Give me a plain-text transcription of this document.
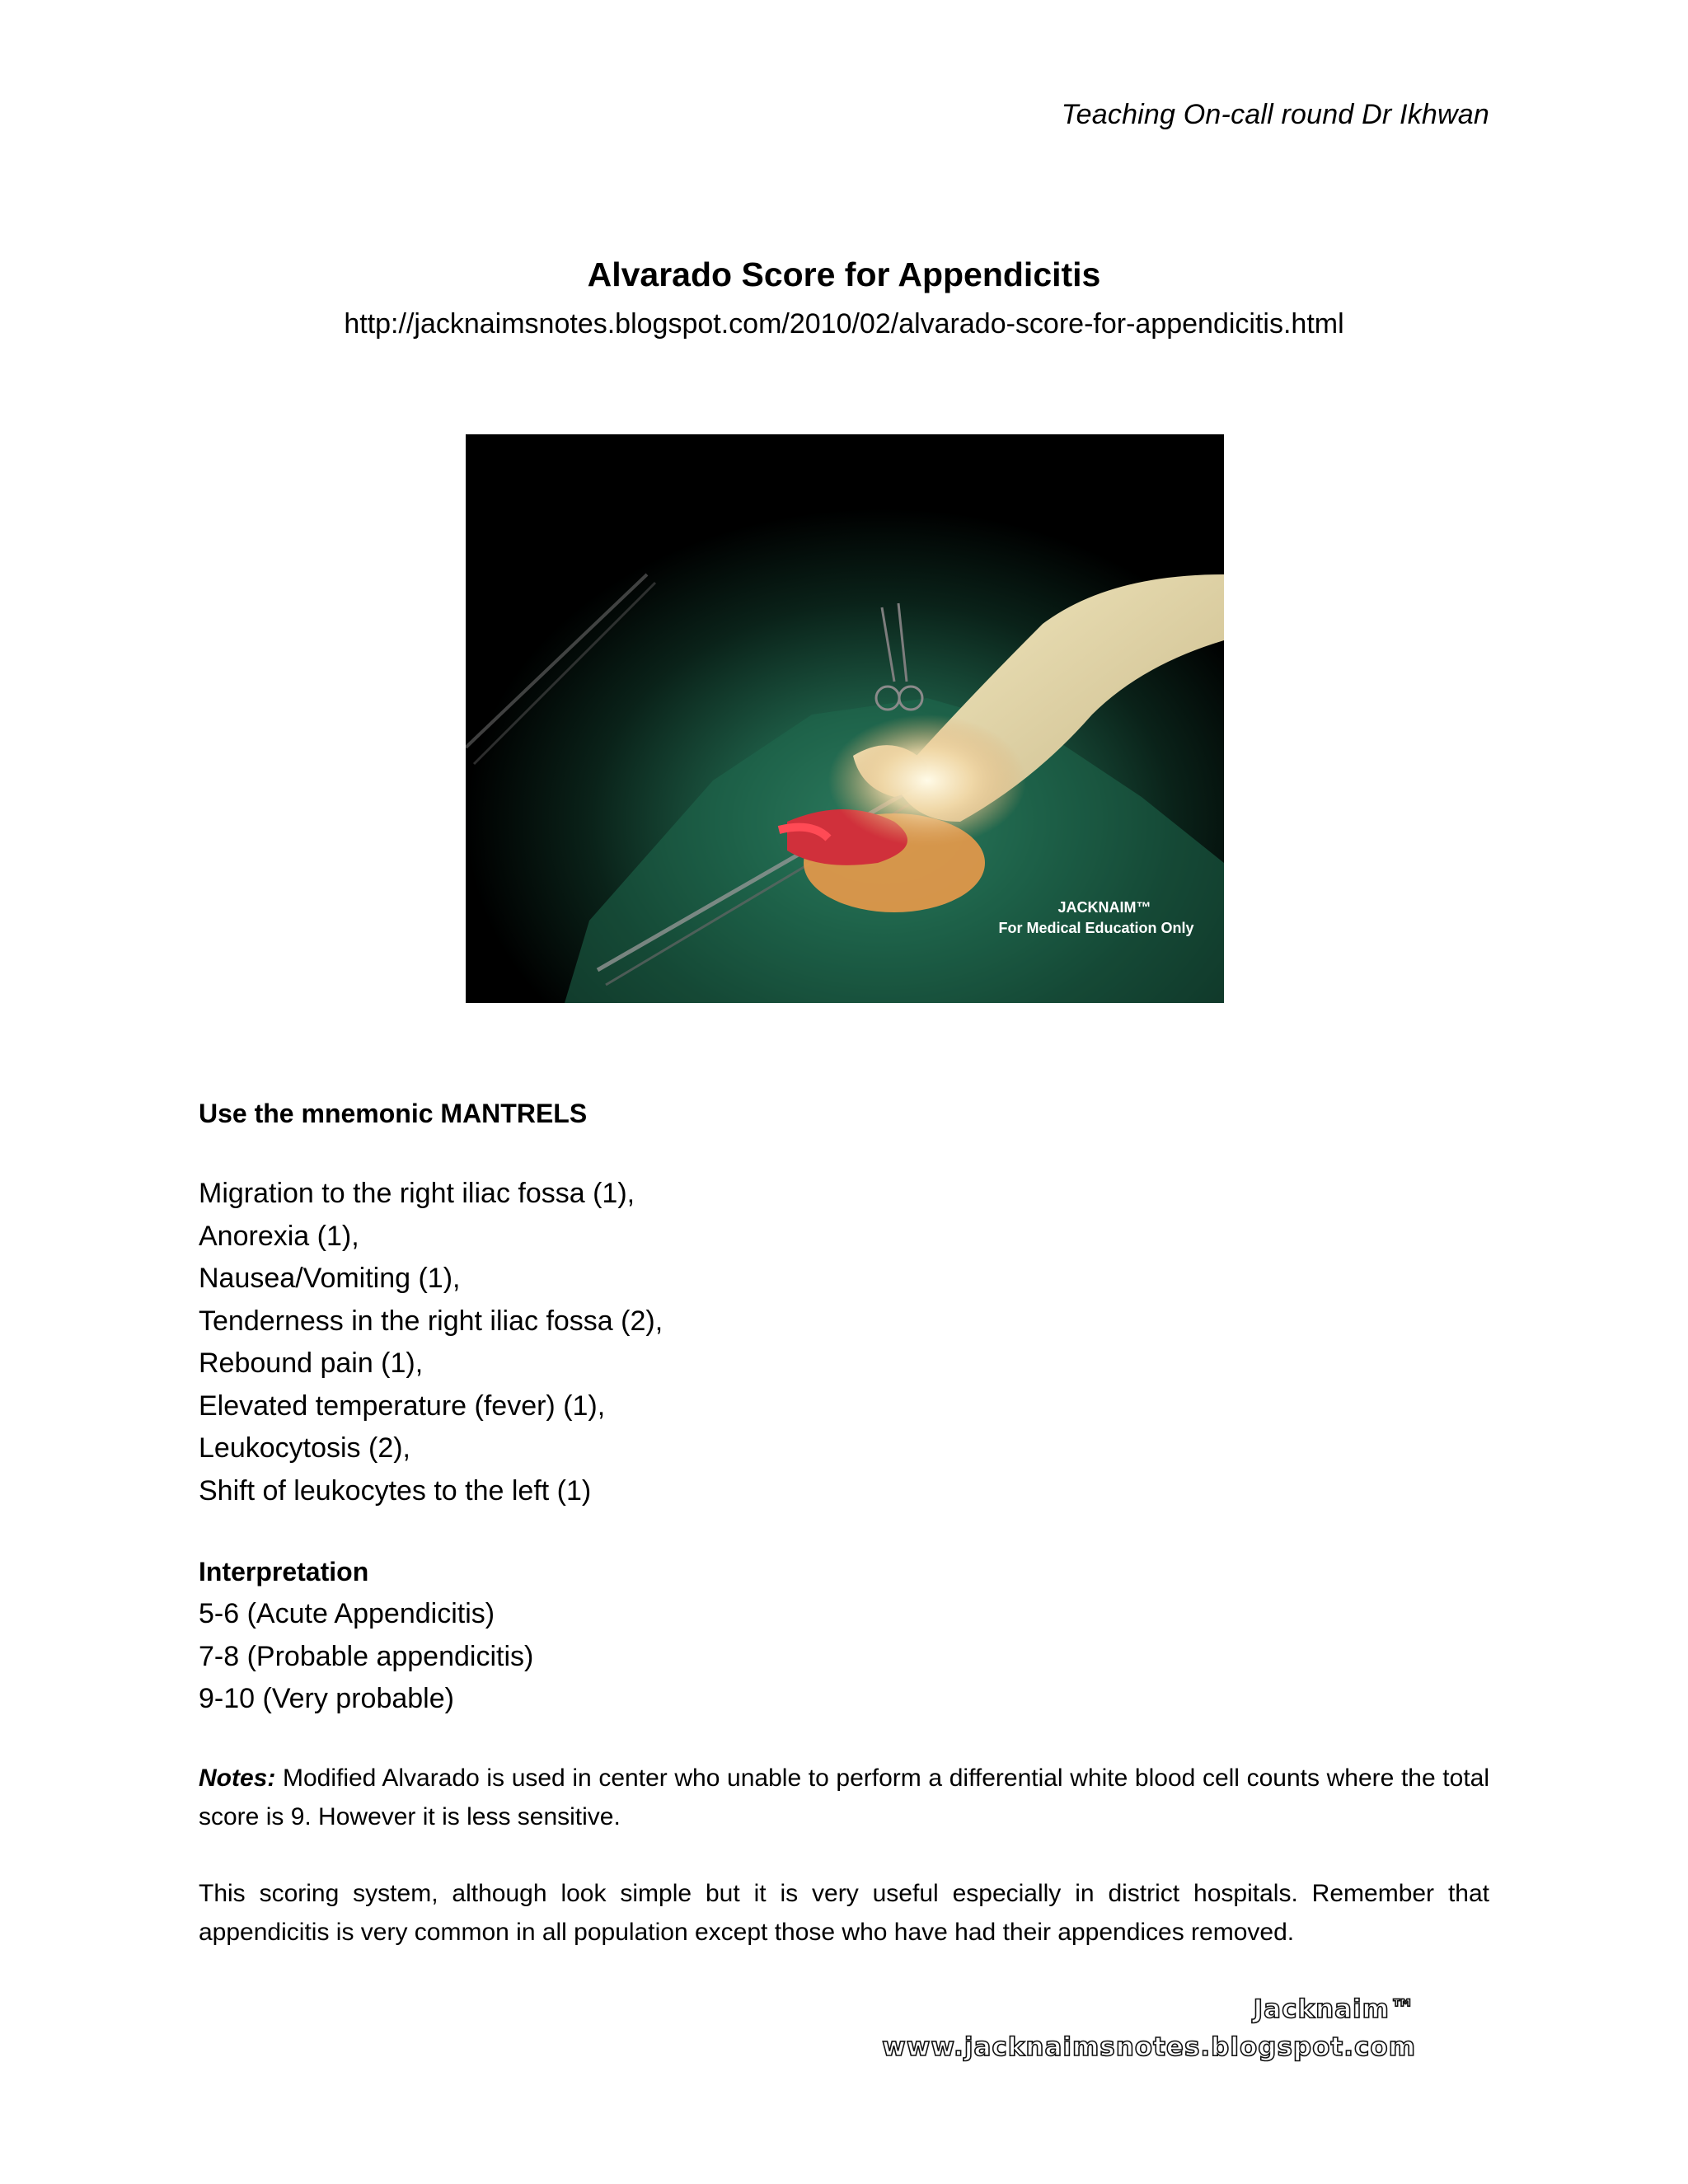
Teaching On-call round Dr Ikhwan
Alvarado Score for Appendicitis
http://jacknaimsnotes.blogspot.com/2010/02/alvarado-score-for-appendicitis.html
JACKNAIM™
For Medical Education Only
Use the mnemonic MANTRELS
Migration to the right iliac fossa (1),
Anorexia (1),
Nausea/Vomiting (1),
Tenderness in the right iliac fossa (2),
Rebound pain (1),
Elevated temperature (fever) (1),
Leukocytosis (2),
Shift of leukocytes to the left (1)
Interpretation
5-6 (Acute Appendicitis)
7-8 (Probable appendicitis)
9-10 (Very probable)

Notes: Modified Alvarado is used in center who unable to perform a differential white blood cell counts where the total score is 9. However it is less sensitive.

This scoring system, although look simple but it is very useful especially in district hospitals. Remember that appendicitis is very common in all population except those who have had their appendices removed.

Jacknaim™
www.jacknaimsnotes.blogspot.com
